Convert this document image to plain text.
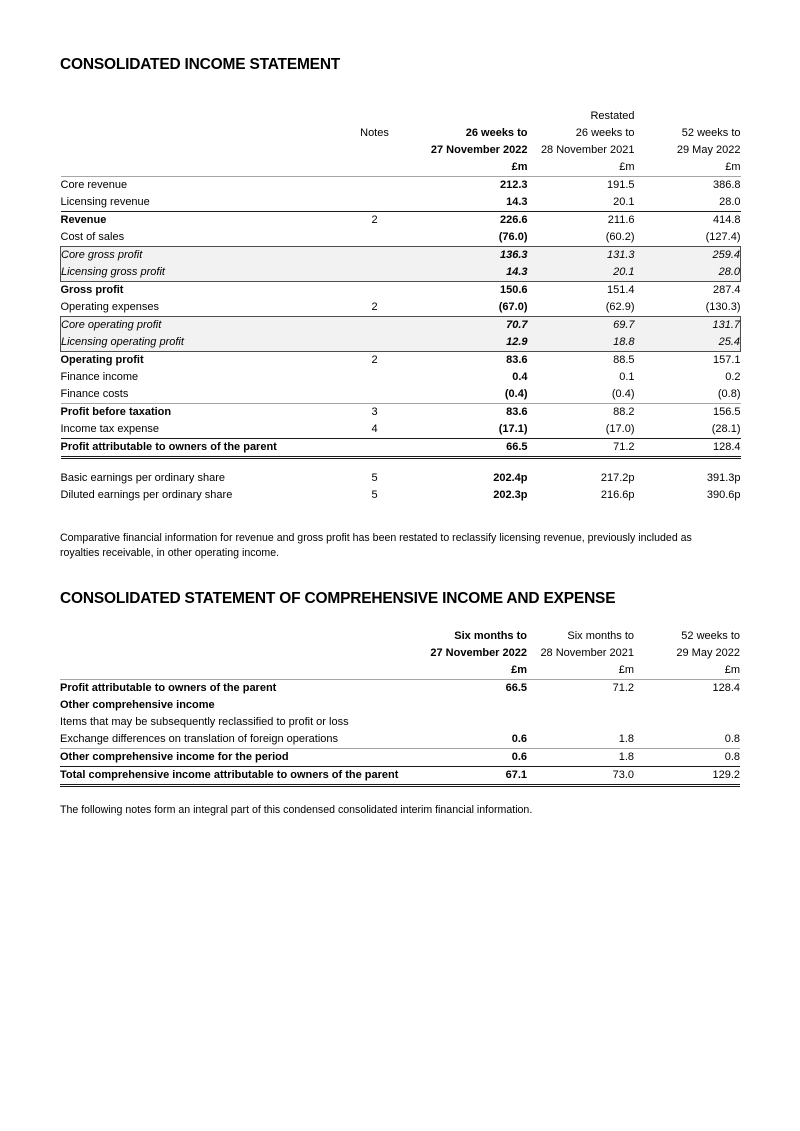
CONSOLIDATED INCOME STATEMENT
			Restated	
	Notes	26 weeks to	26 weeks to	52 weeks to
		27 November 2022	28 November 2021	29 May 2022
		£m	£m	£m
Core revenue		212.3	191.5	386.8
Licensing revenue		14.3	20.1	28.0
Revenue	2	226.6	211.6	414.8
Cost of sales		(76.0)	(60.2)	(127.4)
Core gross profit		136.3	131.3	259.4
Licensing gross profit		14.3	20.1	28.0
Gross profit		150.6	151.4	287.4
Operating expenses	2	(67.0)	(62.9)	(130.3)
Core operating profit		70.7	69.7	131.7
Licensing operating profit		12.9	18.8	25.4
Operating profit	2	83.6	88.5	157.1
Finance income		0.4	0.1	0.2
Finance costs		(0.4)	(0.4)	(0.8)
Profit before taxation	3	83.6	88.2	156.5
Income tax expense	4	(17.1)	(17.0)	(28.1)
Profit attributable to owners of the parent		66.5	71.2	128.4

Basic earnings per ordinary share	5	202.4p	217.2p	391.3p
Diluted earnings per ordinary share	5	202.3p	216.6p	390.6p

Comparative financial information for revenue and gross profit has been restated to reclassify licensing revenue, previously included as royalties receivable, in other operating income.

CONSOLIDATED STATEMENT OF COMPREHENSIVE INCOME AND EXPENSE
		Six months to	Six months to	52 weeks to
		27 November 2022	28 November 2021	29 May 2022
		£m	£m	£m
Profit attributable to owners of the parent		66.5	71.2	128.4
Other comprehensive income				
Items that may be subsequently reclassified to profit or loss				
Exchange differences on translation of foreign operations		0.6	1.8	0.8
Other comprehensive income for the period		0.6	1.8	0.8
Total comprehensive income attributable to owners of the parent		67.1	73.0	129.2

The following notes form an integral part of this condensed consolidated interim financial information.
